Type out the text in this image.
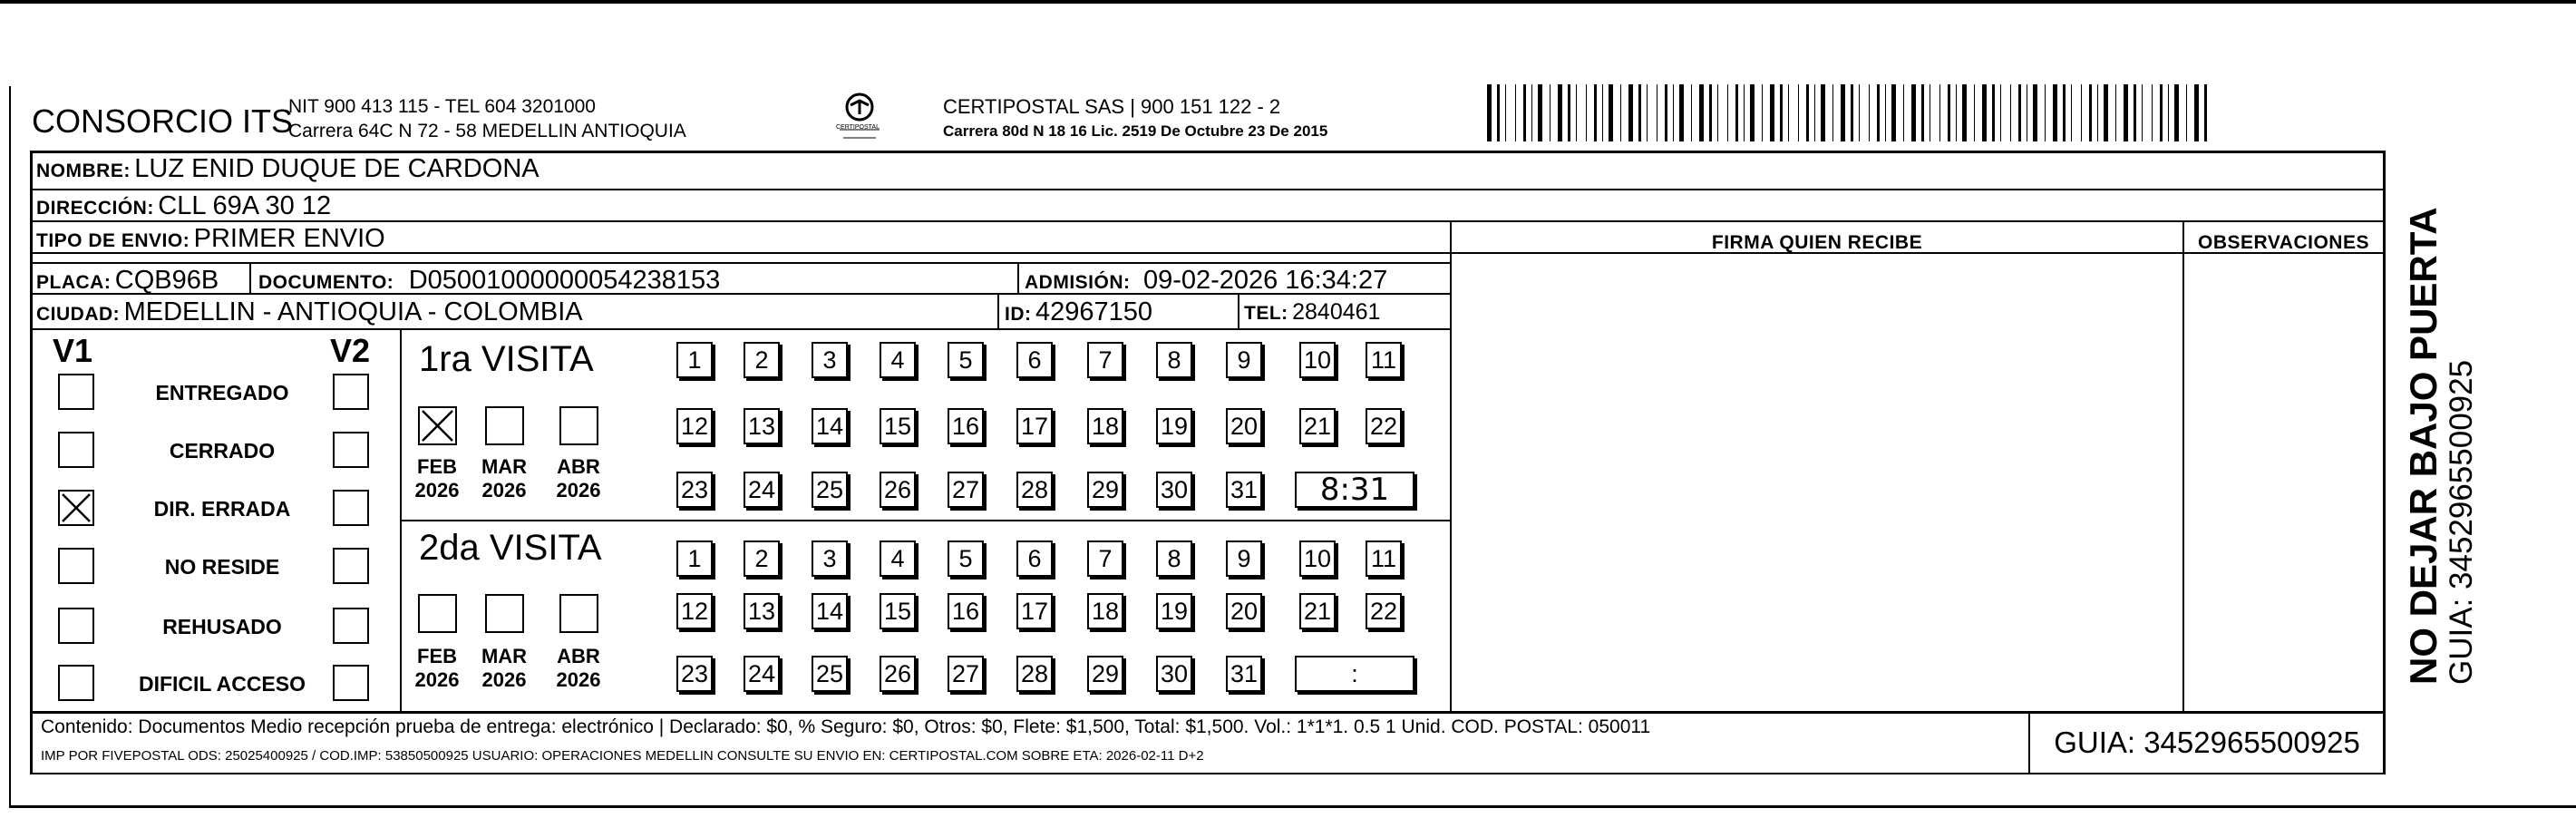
CONSORCIO ITS
NIT 900 413 115 - TEL 604 3201000
Carrera 64C N 72 - 58 MEDELLIN ANTIOQUIA	CERTIPOSTAL
CERTIPOSTAL SAS | 900 151 122 - 2
Carrera 80d N 18 16 Lic. 2519 De Octubre 23 De 2015
NOMBRE: LUZ ENID DUQUE DE CARDONA
DIRECCIÓN: CLL 69A 30 12
TIPO DE ENVIO: PRIMER ENVIO	FIRMA QUIEN RECIBE	OBSERVACIONES
PLACA: CQB96B DOCUMENTO: D05001000000054238153	ADMISIÓN: 09-02-2026 16:34:27
CIUDAD: MEDELLIN - ANTIOQUIA - COLOMBIA	ID: 42967150	TEL: 2840461
V1	V2
ENTREGADO
CERRADO
DIR. ERRADA
NO RESIDE
REHUSADO
DIFICIL ACCESO
1ra VISITA
2da VISITA
FEB
2026
MAR
2026
ABR
2026
FEB
2026
MAR
2026
ABR
2026
1	2	3	4	5	6	7	8	9	10 11
12 13 14 15 16 17 18 19 20 21 22
23 24 25 26 27 28 29 30 31	8:31
1	2	3	4	5	6	7	8	9	10 11
12 13 14 15 16 17 18 19 20 21 22
23 24 25 26 27 28 29 30 31	:
Contenido: Documentos Medio recepción prueba de entrega: electrónico | Declarado: $0, % Seguro: $0, Otros: $0, Flete: $1,500, Total: $1,500. Vol.: 1*1*1. 0.5 1 Unid. COD. POSTAL: 050011
IMP POR FIVEPOSTAL ODS: 25025400925 / COD.IMP: 53850500925 USUARIO: OPERACIONES MEDELLIN CONSULTE SU ENVIO EN: CERTIPOSTAL.COM SOBRE ETA: 2026-02-11 D+2	GUIA: 3452965500925
NO DEJAR BAJO PUERTA GUIA: 3452965500925
